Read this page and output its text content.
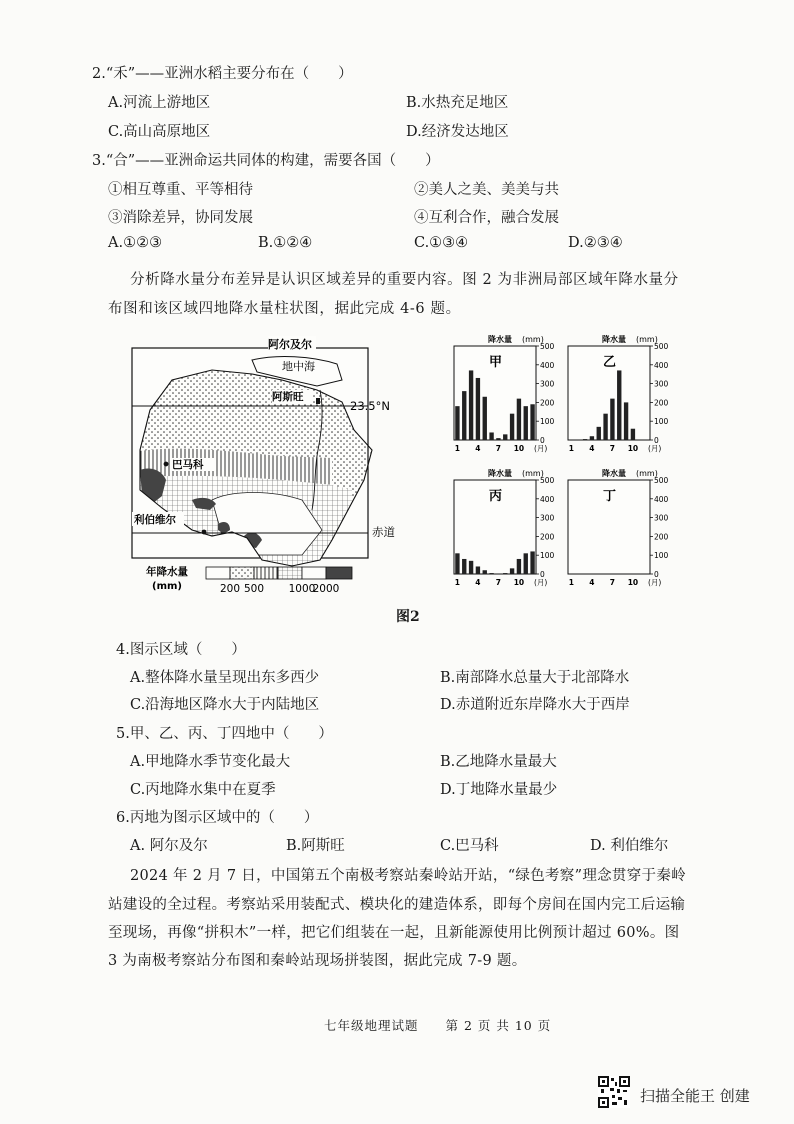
2.“禾”——亚洲水稻主要分布在（　　）
A.河流上游地区	B.水热充足地区
C.高山高原地区	D.经济发达地区
3.“合”——亚洲命运共同体的构建，需要各国（　　）
①相互尊重、平等相待	②美人之美、美美与共
③消除差异，协同发展	④互利合作，融合发展
A.①②③	B.①②④	C.①③④	D.②③④
分析降水量分布差异是认识区域差异的重要内容。图 2 为非洲局部区域年降水量分
布图和该区域四地降水量柱状图，据此完成 4-6 题。
阿尔及尔
地中海
阿斯旺
23.5°N
巴马科
利伯维尔
赤道
年降水量
(mm)	200 500 1000
2000
降水量 (mm)
甲
500
400
300
200
100
0
1 4 7 10 (月)
降水量 (mm)
乙
500
400
300
200
100
0
1 4 7 10 (月)
降水量 (mm)
丙
500
400
300
200
100
0
1 4 7 10 (月)
降水量 (mm)
丁
500
400
300
200
100
0
1 4 7 10 (月)
图2
4.图示区域（　　）
A.整体降水量呈现出东多西少	B.南部降水总量大于北部降水
C.沿海地区降水大于内陆地区	D.赤道附近东岸降水大于西岸
5.甲、乙、丙、丁四地中（　　）
A.甲地降水季节变化最大	B.乙地降水量最大
C.丙地降水集中在夏季	D.丁地降水量最少
6.丙地为图示区域中的（　　）
A. 阿尔及尔	B.阿斯旺	C.巴马科	D. 利伯维尔
2024 年 2 月 7 日，中国第五个南极考察站秦岭站开站，“绿色考察”理念贯穿于秦岭
站建设的全过程。考察站采用装配式、模块化的建造体系，即每个房间在国内完工后运输
至现场，再像“拼积木”一样，把它们组装在一起，且新能源使用比例预计超过 60%。图
3 为南极考察站分布图和秦岭站现场拼装图，据此完成 7-9 题。
七年级地理试题　　第 2 页 共 10 页
扫描全能王 创建
